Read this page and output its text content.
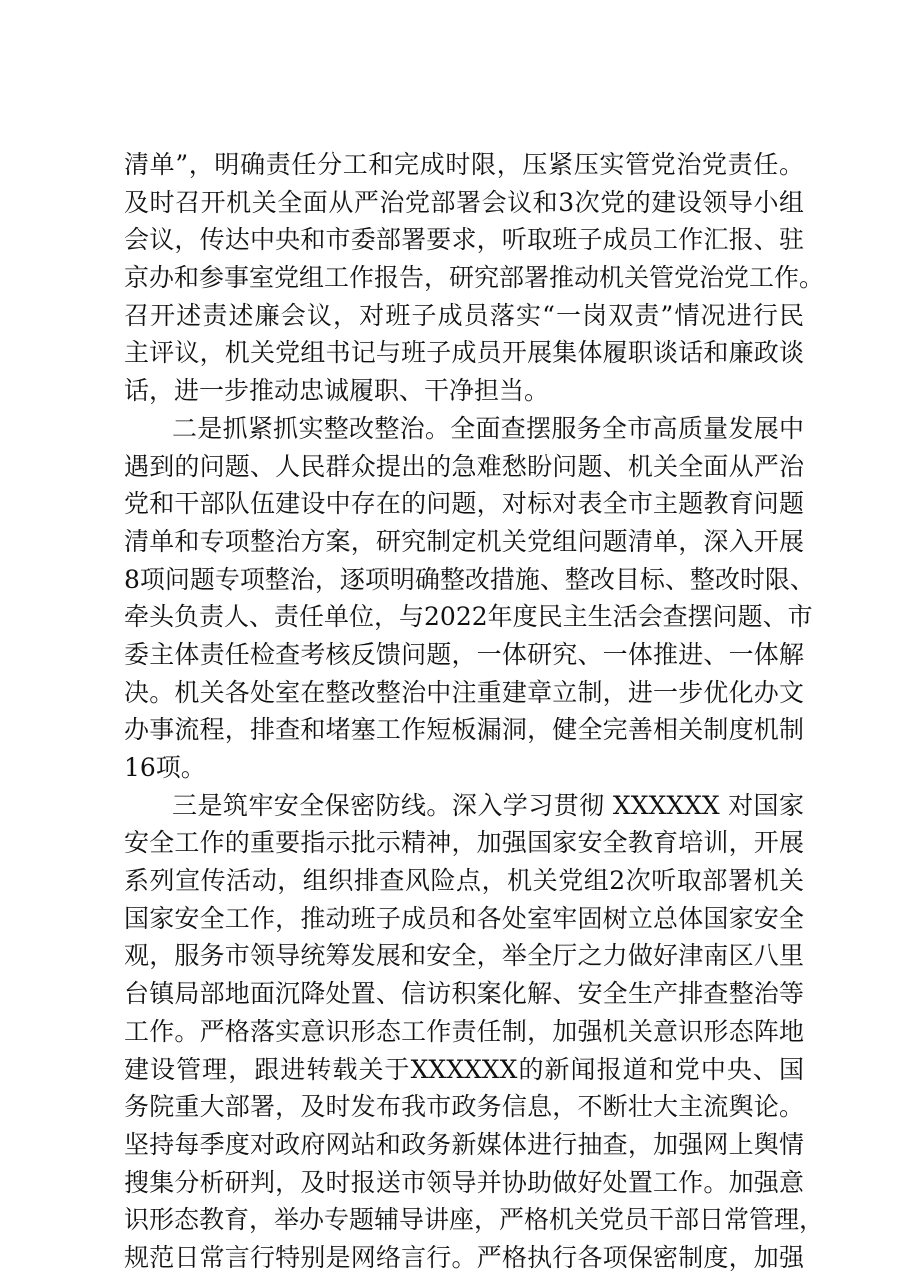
清单”，明确责任分工和完成时限，压紧压实管党治党责任。
及时召开机关全面从严治党部署会议和3次党的建设领导小组
会议，传达中央和市委部署要求，听取班子成员工作汇报、驻
京办和参事室党组工作报告，研究部署推动机关管党治党工作。
召开述责述廉会议，对班子成员落实“一岗双责”情况进行民
主评议，机关党组书记与班子成员开展集体履职谈话和廉政谈
话，进一步推动忠诚履职、干净担当。
二是抓紧抓实整改整治。全面查摆服务全市高质量发展中
遇到的问题、人民群众提出的急难愁盼问题、机关全面从严治
党和干部队伍建设中存在的问题，对标对表全市主题教育问题
清单和专项整治方案，研究制定机关党组问题清单，深入开展
8项问题专项整治，逐项明确整改措施、整改目标、整改时限、
牵头负责人、责任单位，与2022年度民主生活会查摆问题、市
委主体责任检查考核反馈问题，一体研究、一体推进、一体解
决。机关各处室在整改整治中注重建章立制，进一步优化办文
办事流程，排查和堵塞工作短板漏洞，健全完善相关制度机制
16项。
三是筑牢安全保密防线。深入学习贯彻 XXXXXX 对国家
安全工作的重要指示批示精神，加强国家安全教育培训，开展
系列宣传活动，组织排查风险点，机关党组2次听取部署机关
国家安全工作，推动班子成员和各处室牢固树立总体国家安全
观，服务市领导统筹发展和安全，举全厅之力做好津南区八里
台镇局部地面沉降处置、信访积案化解、安全生产排查整治等
工作。严格落实意识形态工作责任制，加强机关意识形态阵地
建设管理，跟进转载关于XXXXXX的新闻报道和党中央、国
务院重大部署，及时发布我市政务信息，不断壮大主流舆论。
坚持每季度对政府网站和政务新媒体进行抽查，加强网上舆情
搜集分析研判，及时报送市领导并协助做好处置工作。加强意
识形态教育，举办专题辅导讲座，严格机关党员干部日常管理，
规范日常言行特别是网络言行。严格执行各项保密制度，加强
